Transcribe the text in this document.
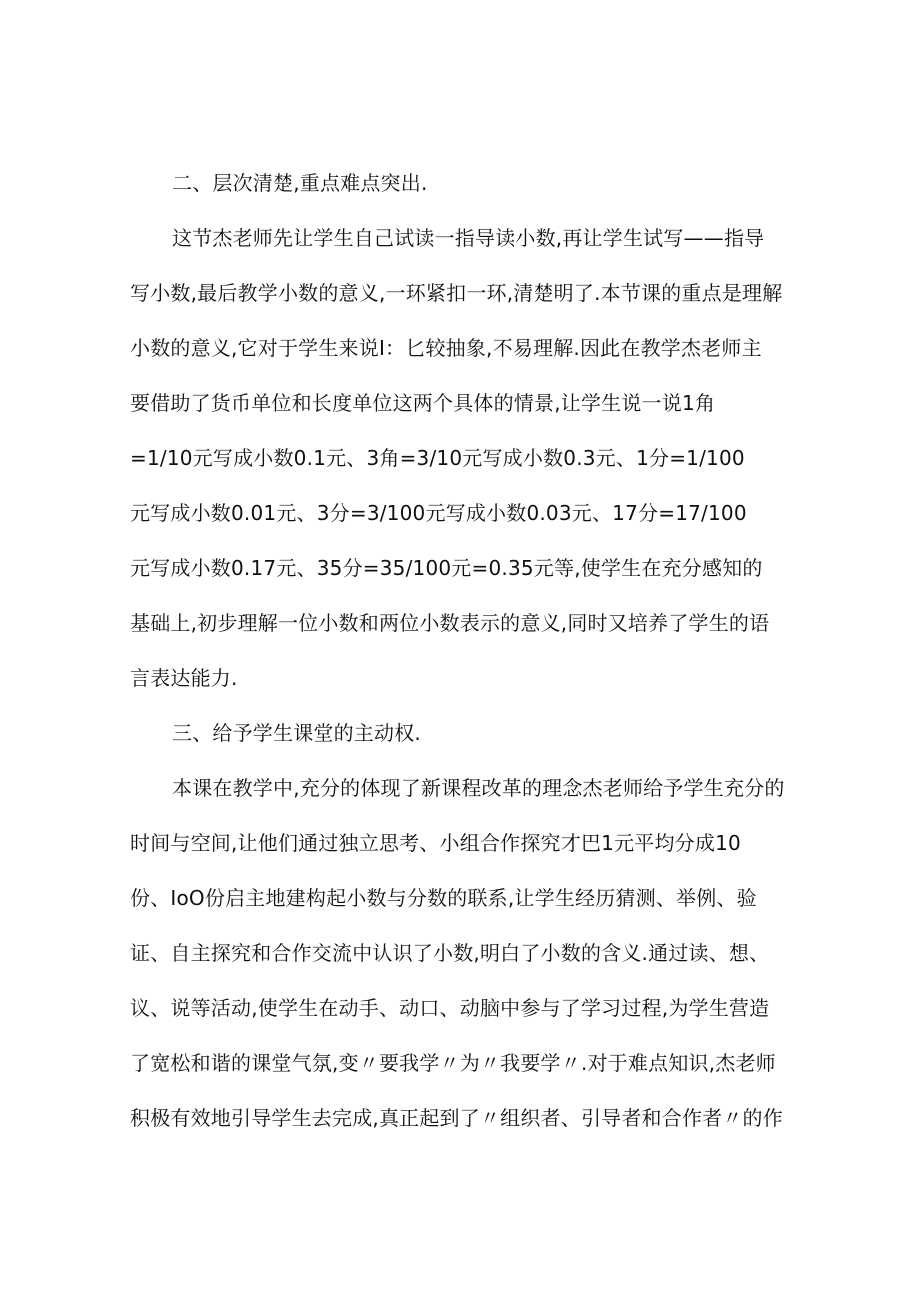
二、层次清楚,重点难点突出.
这节杰老师先让学生自己试读一指导读小数,再让学生试写——指导
写小数,最后教学小数的意义,一环紧扣一环,清楚明了.本节课的重点是理解
小数的意义,它对于学生来说I：匕较抽象,不易理解.因此在教学杰老师主
要借助了货币单位和长度单位这两个具体的情景,让学生说一说1角
=1/10元写成小数0.1元、3角=3/10元写成小数0.3元、1分=1/100
元写成小数0.01元、3分=3/100元写成小数0.03元、17分=17/100
元写成小数0.17元、35分=35/100元=0.35元等,使学生在充分感知的
基础上,初步理解一位小数和两位小数表示的意义,同时又培养了学生的语
言表达能力.
三、给予学生课堂的主动权.
本课在教学中,充分的体现了新课程改革的理念杰老师给予学生充分的
时间与空间,让他们通过独立思考、小组合作探究才巴1元平均分成10
份、IoO份启主地建构起小数与分数的联系,让学生经历猜测、举例、验
证、自主探究和合作交流中认识了小数,明白了小数的含义.通过读、想、
议、说等活动,使学生在动手、动口、动脑中参与了学习过程,为学生营造
了宽松和谐的课堂气氛,变〃要我学〃为〃我要学〃.对于难点知识,杰老师
积极有效地引导学生去完成,真正起到了〃组织者、引导者和合作者〃的作
